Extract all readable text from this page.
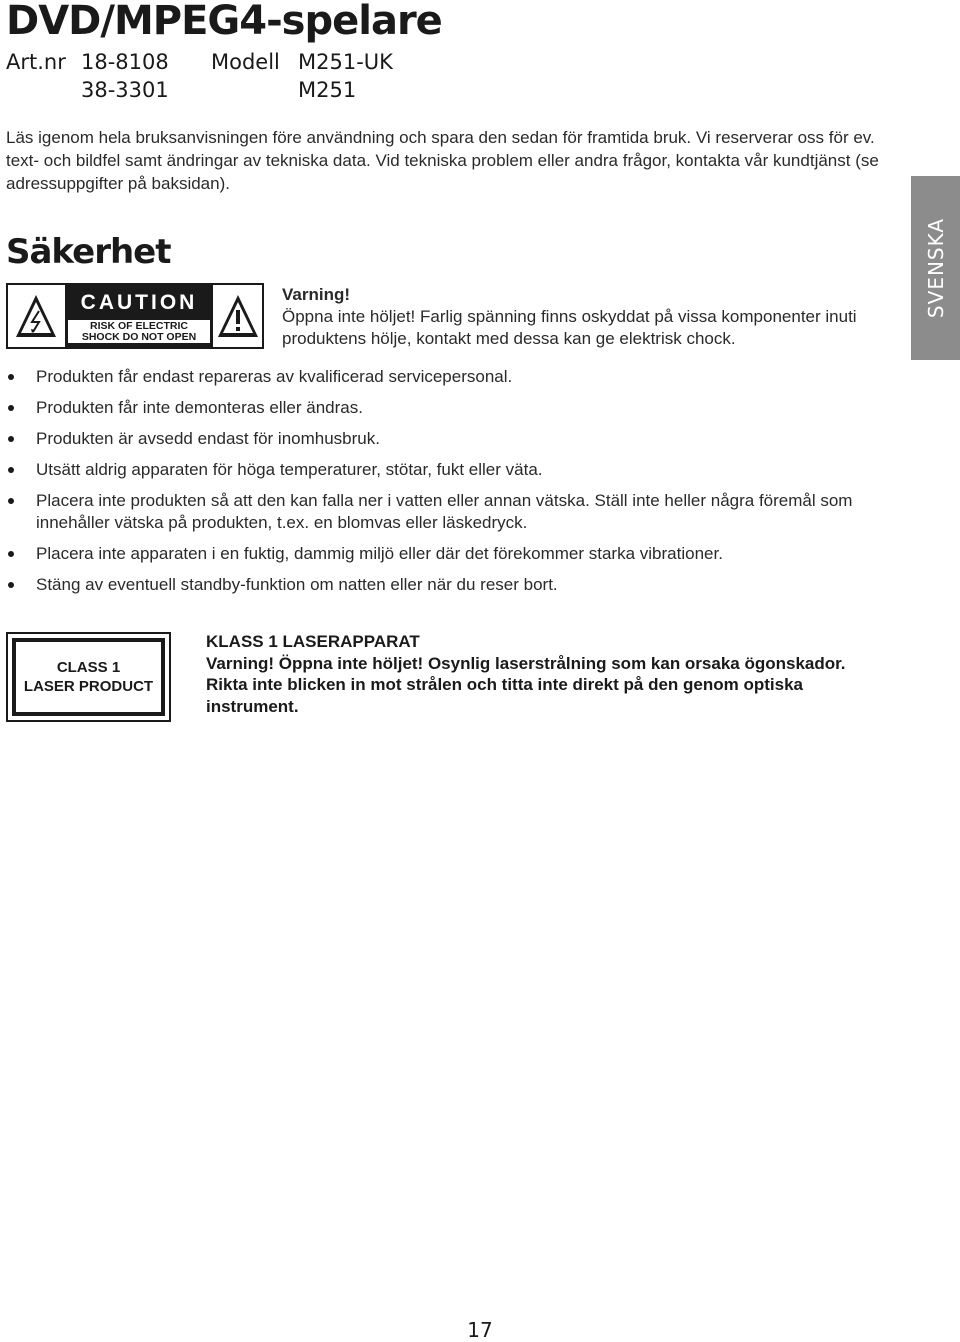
DVD/MPEG4-spelare
Art.nr 18-8108
38-3301
Modell M251-UK
M251

Läs igenom hela bruksanvisningen före användning och spara den sedan för framtida bruk. Vi reserverar oss för ev. text- och bildfel samt ändringar av tekniska data. Vid tekniska problem eller andra frågor, kontakta vår kundtjänst (se adressuppgifter på baksidan).

Säkerhet
CAUTION
RISK OF ELECTRIC
SHOCK DO NOT OPEN
Varning!
Öppna inte höljet! Farlig spänning finns oskyddat på vissa komponenter inuti produktens hölje, kontakt med dessa kan ge elektrisk chock.
Produkten får endast repareras av kvalificerad servicepersonal.
Produkten får inte demonteras eller ändras.
Produkten är avsedd endast för inomhusbruk.
Utsätt aldrig apparaten för höga temperaturer, stötar, fukt eller väta.
Placera inte produkten så att den kan falla ner i vatten eller annan vätska. Ställ inte heller några föremål som innehåller vätska på produkten, t.ex. en blomvas eller läskedryck.
Placera inte apparaten i en fuktig, dammig miljö eller där det förekommer starka vibrationer.
Stäng av eventuell standby-funktion om natten eller när du reser bort.
CLASS 1
LASER PRODUCT
KLASS 1 LASERAPPARAT
Varning! Öppna inte höljet! Osynlig laserstrålning som kan orsaka ögonskador. Rikta inte blicken in mot strålen och titta inte direkt på den genom optiska instrument.
SVENSKA
17
